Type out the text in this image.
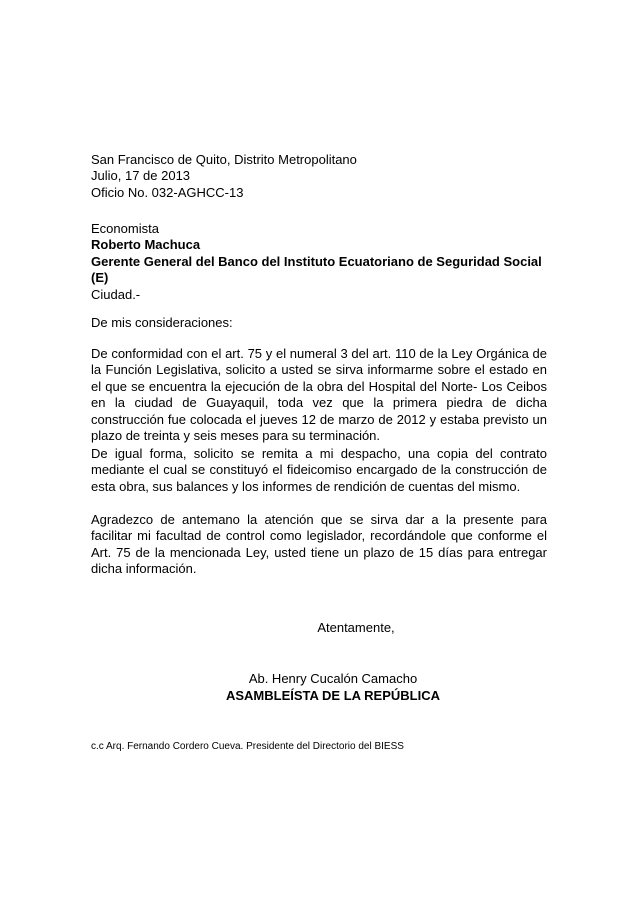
San Francisco de Quito, Distrito Metropolitano
Julio, 17 de 2013
Oficio No. 032-AGHCC-13
Economista
Roberto Machuca
Gerente General del Banco del Instituto Ecuatoriano de Seguridad Social
(E)
Ciudad.-
De mis consideraciones:
De conformidad con el art. 75 y el numeral 3 del art. 110 de la Ley Orgánica de la Función Legislativa, solicito a usted se sirva informarme sobre el estado en el que se encuentra la ejecución de la obra del Hospital del Norte- Los Ceibos en la ciudad de Guayaquil, toda vez que la primera piedra de dicha construcción fue colocada el jueves 12 de marzo de 2012 y estaba previsto un plazo de treinta y seis meses para su terminación.
De igual forma, solicito se remita a mi despacho, una copia del contrato mediante el cual se constituyó el fideicomiso encargado de la construcción de esta obra, sus balances y los informes de rendición de cuentas del mismo.
Agradezco de antemano la atención que se sirva dar a la presente para facilitar mi facultad de control como legislador, recordándole que conforme el Art. 75 de la mencionada Ley, usted tiene un plazo de 15 días para entregar dicha información.
Atentamente,
Ab. Henry Cucalón Camacho
ASAMBLEÍSTA DE LA REPÚBLICA
c.c Arq. Fernando Cordero Cueva. Presidente del Directorio del BIESS
